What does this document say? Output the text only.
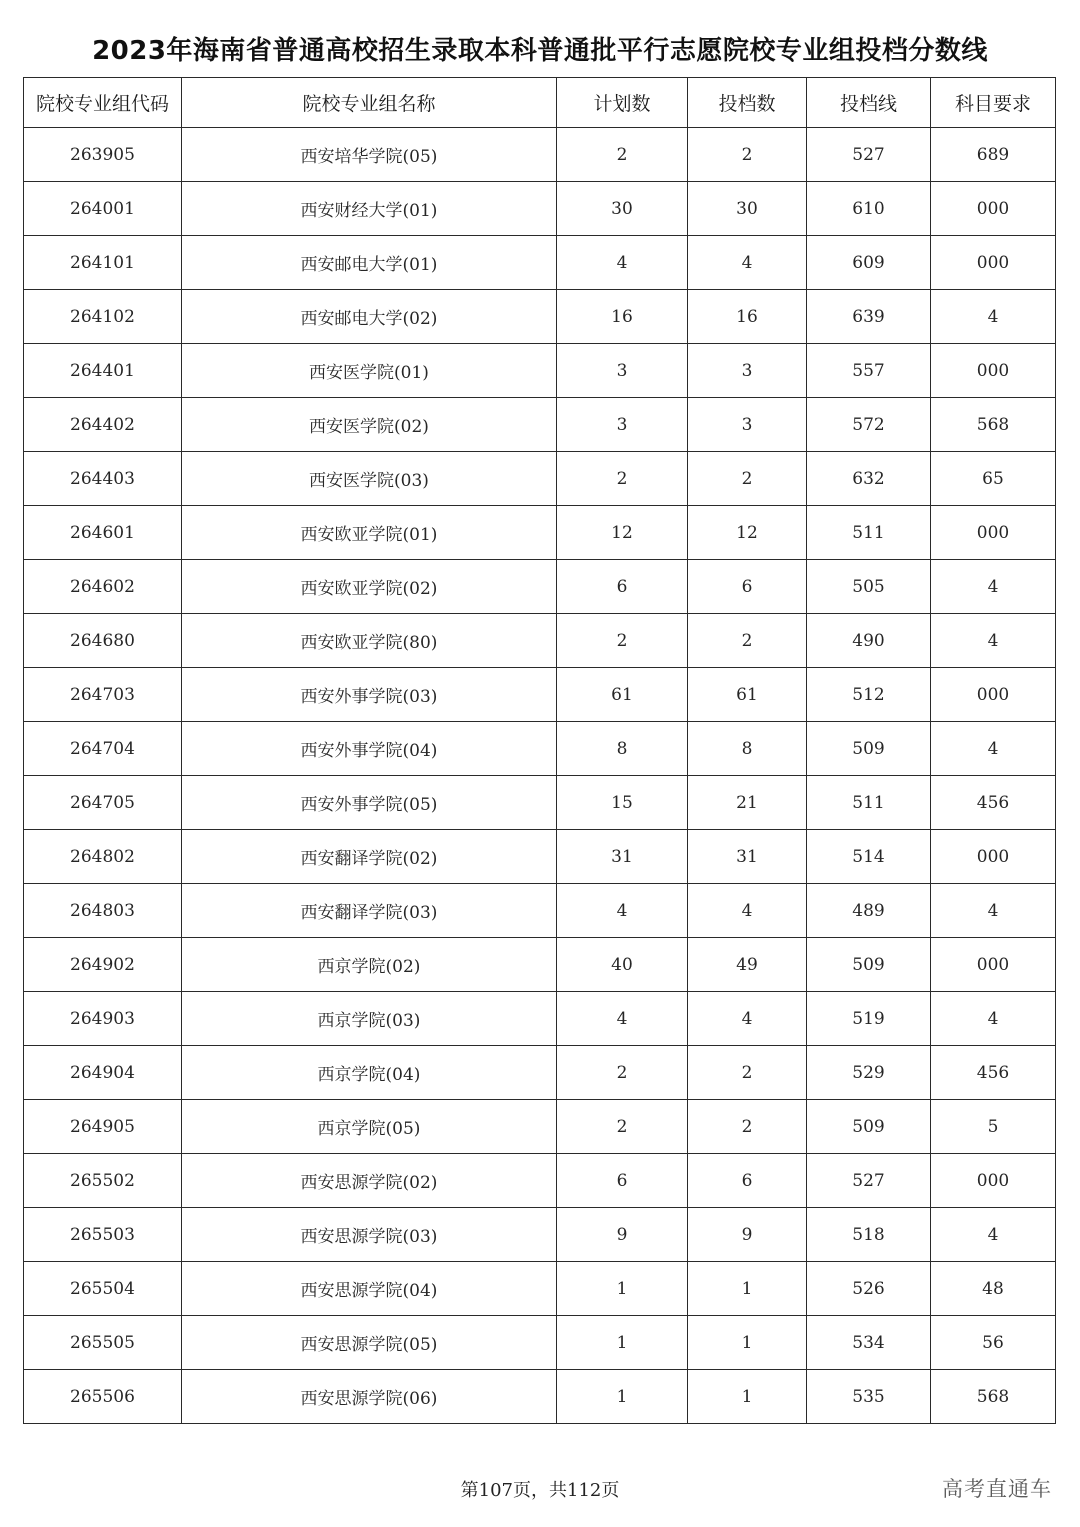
2023年海南省普通高校招生录取本科普通批平行志愿院校专业组投档分数线
院校专业组代码	院校专业组名称	计划数	投档数	投档线	科目要求
263905	西安培华学院(05)	2	2	527	689
264001	西安财经大学(01)	30	30	610	000
264101	西安邮电大学(01)	4	4	609	000
264102	西安邮电大学(02)	16	16	639	4
264401	西安医学院(01)	3	3	557	000
264402	西安医学院(02)	3	3	572	568
264403	西安医学院(03)	2	2	632	65
264601	西安欧亚学院(01)	12	12	511	000
264602	西安欧亚学院(02)	6	6	505	4
264680	西安欧亚学院(80)	2	2	490	4
264703	西安外事学院(03)	61	61	512	000
264704	西安外事学院(04)	8	8	509	4
264705	西安外事学院(05)	15	21	511	456
264802	西安翻译学院(02)	31	31	514	000
264803	西安翻译学院(03)	4	4	489	4
264902	西京学院(02)	40	49	509	000
264903	西京学院(03)	4	4	519	4
264904	西京学院(04)	2	2	529	456
264905	西京学院(05)	2	2	509	5
265502	西安思源学院(02)	6	6	527	000
265503	西安思源学院(03)	9	9	518	4
265504	西安思源学院(04)	1	1	526	48
265505	西安思源学院(05)	1	1	534	56
265506	西安思源学院(06)	1	1	535	568
第107页，共112页	高考直通车
